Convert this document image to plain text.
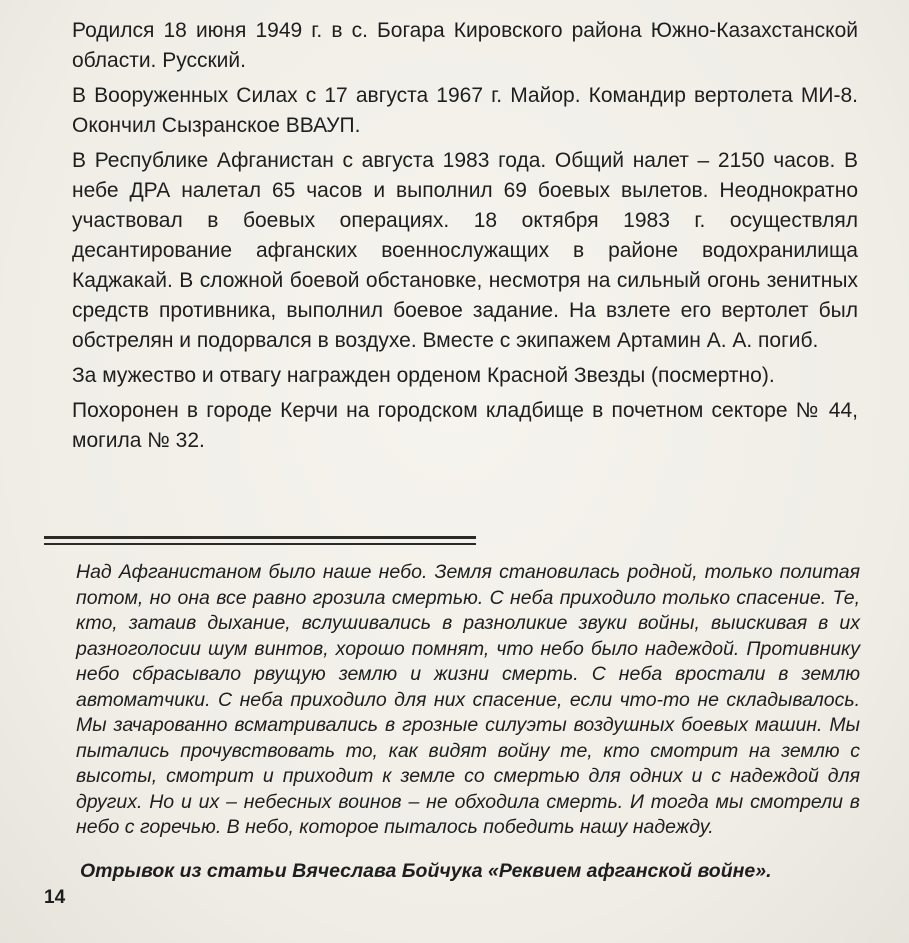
Родился 18 июня 1949 г. в с. Богара Кировского района Южно-Казахстанской области. Русский.

В Вооруженных Силах с 17 августа 1967 г. Майор. Командир вертолета МИ-8. Окончил Сызранское ВВАУП.

В Республике Афганистан с августа 1983 года. Общий налет – 2150 часов. В небе ДРА налетал 65 часов и выполнил 69 боевых вылетов. Неоднократно участвовал в боевых операциях. 18 октября 1983 г. осуществлял десантирование афганских военнослужащих в районе водохранилища Каджакай. В сложной боевой обстановке, несмотря на сильный огонь зенитных средств противника, выполнил боевое задание. На взлете его вертолет был обстрелян и подорвался в воздухе. Вместе с экипажем Артамин А. А. погиб.

За мужество и отвагу награжден орденом Красной Звезды (посмертно).

Похоронен в городе Керчи на городском кладбище в почетном секторе № 44, могила № 32.

Над Афганистаном было наше небо. Земля становилась родной, только политая потом, но она все равно грозила смертью. С неба приходило только спасение. Те, кто, затаив дыхание, вслушивались в разноликие звуки войны, выискивая в их разноголосии шум винтов, хорошо помнят, что небо было надеждой. Противнику небо сбрасывало рвущую землю и жизни смерть. С неба вростали в землю автоматчики. С неба приходило для них спасение, если что-то не складывалось. Мы зачарованно всматривались в грозные силуэты воздушных боевых машин. Мы пытались прочувствовать то, как видят войну те, кто смотрит на землю с высоты, смотрит и приходит к земле со смертью для одних и с надеждой для других. Но и их – небесных воинов – не обходила смерть. И тогда мы смотрели в небо с горечью. В небо, которое пыталось победить нашу надежду.

Отрывок из статьи Вячеслава Бойчука «Реквием афганской войне».
14
